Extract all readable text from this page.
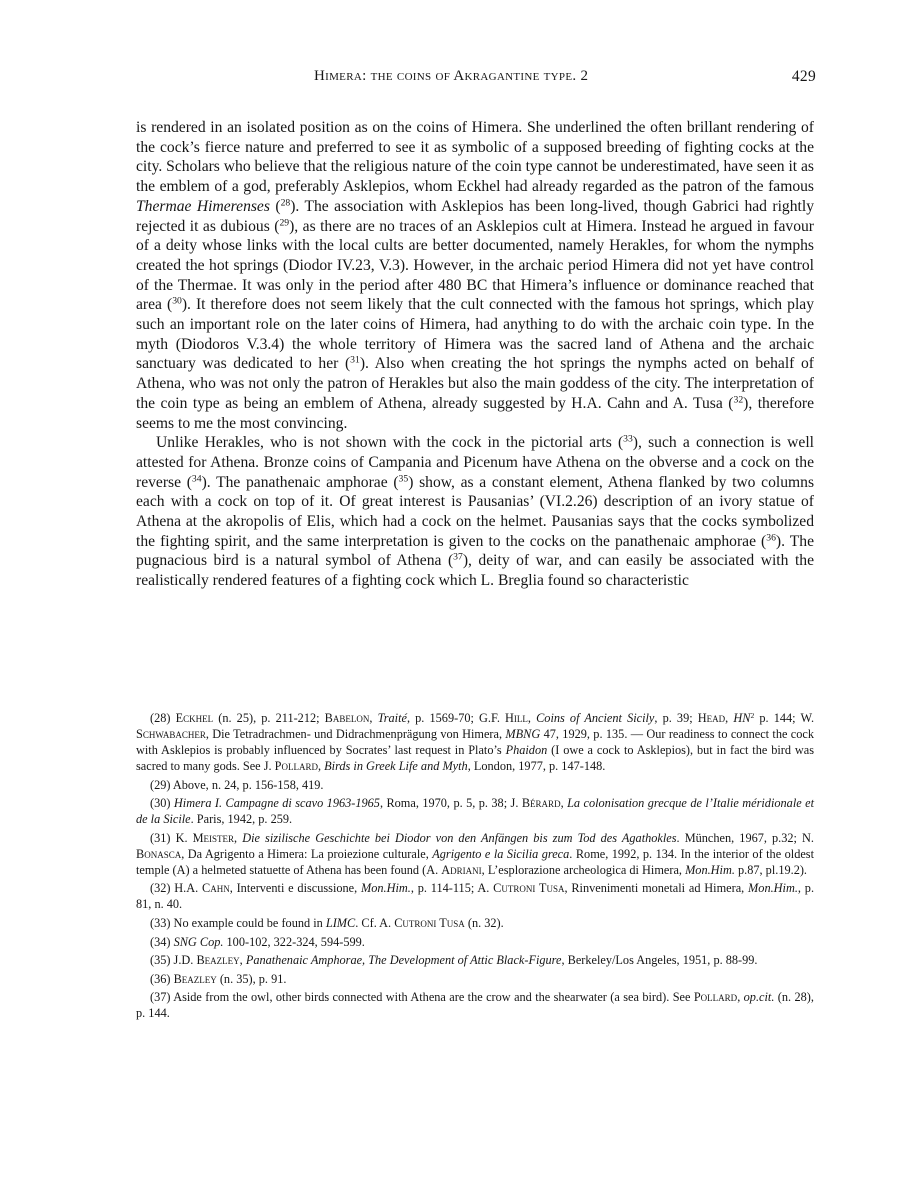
Himera: the coins of Akragantine type. 2	429

is rendered in an isolated position as on the coins of Himera. She underlined the often brillant rendering of the cock’s fierce nature and preferred to see it as symbolic of a supposed breeding of fighting cocks at the city. Scholars who believe that the religious nature of the coin type cannot be underestimated, have seen it as the emblem of a god, preferably Asklepios, whom Eckhel had already regarded as the patron of the famous Thermae Himerenses ($^{28}$). The association with Asklepios has been long-lived, though Gabrici had rightly rejected it as dubious ($^{29}$), as there are no traces of an Asklepios cult at Himera. Instead he argued in favour of a deity whose links with the local cults are better documented, namely Herakles, for whom the nymphs created the hot springs (Diodor IV.23, V.3). However, in the archaic period Himera did not yet have control of the Thermae. It was only in the period after 480 BC that Himera’s influence or dominance reached that area ($^{30}$). It therefore does not seem likely that the cult connected with the famous hot springs, which play such an important role on the later coins of Himera, had anything to do with the archaic coin type. In the myth (Diodoros V.3.4) the whole territory of Himera was the sacred land of Athena and the archaic sanctuary was dedicated to her ($^{31}$). Also when creating the hot springs the nymphs acted on behalf of Athena, who was not only the patron of Herakles but also the main goddess of the city. The interpretation of the coin type as being an emblem of Athena, already suggested by H.A. Cahn and A. Tusa ($^{32}$), therefore seems to me the most convincing.

Unlike Herakles, who is not shown with the cock in the pictorial arts ($^{33}$), such a connection is well attested for Athena. Bronze coins of Campania and Picenum have Athena on the obverse and a cock on the reverse ($^{34}$). The panathenaic amphorae ($^{35}$) show, as a constant element, Athena flanked by two columns each with a cock on top of it. Of great interest is Pausanias’ (VI.2.26) description of an ivory statue of Athena at the akropolis of Elis, which had a cock on the helmet. Pausanias says that the cocks symbolized the fighting spirit, and the same interpretation is given to the cocks on the panathenaic amphorae ($^{36}$). The pugnacious bird is a natural symbol of Athena ($^{37}$), deity of war, and can easily be associated with the realistically rendered features of a fighting cock which L. Breglia found so characteristic

(28) Eckhel (n. 25), p. 211-212; Babelon, Traité, p. 1569-70; G.F. Hill, Coins of Ancient Sicily, p. 39; Head, $HN^2$ p. 144; W. Schwabacher, Die Tetradrachmen- und Didrachmenprägung von Himera, MBNG 47, 1929, p. 135. — Our readiness to connect the cock with Asklepios is probably influenced by Socrates’ last request in Plato’s Phaidon (I owe a cock to Asklepios), but in fact the bird was sacred to many gods. See J. Pollard, Birds in Greek Life and Myth, London, 1977, p. 147-148.

(29) Above, n. 24, p. 156-158, 419.

(30) Himera I. Campagne di scavo 1963-1965, Roma, 1970, p. 5, p. 38; J. Bérard, La colonisation grecque de l’Italie méridionale et de la Sicile. Paris, 1942, p. 259.

(31) K. Meister, Die sizilische Geschichte bei Diodor von den Anfängen bis zum Tod des Agathokles. München, 1967, p.32; N. Bonasca, Da Agrigento a Himera: La proiezione culturale, Agrigento e la Sicilia greca. Rome, 1992, p. 134. In the interior of the oldest temple (A) a helmeted statuette of Athena has been found (A. Adriani, L’esplorazione archeologica di Himera, Mon.Him. p.87, pl.19.2).

(32) H.A. Cahn, Interventi e discussione, Mon.Him., p. 114-115; A. Cutroni Tusa, Rinvenimenti monetali ad Himera, Mon.Him., p. 81, n. 40.

(33) No example could be found in LIMC. Cf. A. Cutroni Tusa (n. 32).

(34) SNG Cop. 100-102, 322-324, 594-599.

(35) J.D. Beazley, Panathenaic Amphorae, The Development of Attic Black-Figure, Berkeley/Los Angeles, 1951, p. 88-99.

(36) Beazley (n. 35), p. 91.

(37) Aside from the owl, other birds connected with Athena are the crow and the shearwater (a sea bird). See Pollard, op.cit. (n. 28), p. 144.
